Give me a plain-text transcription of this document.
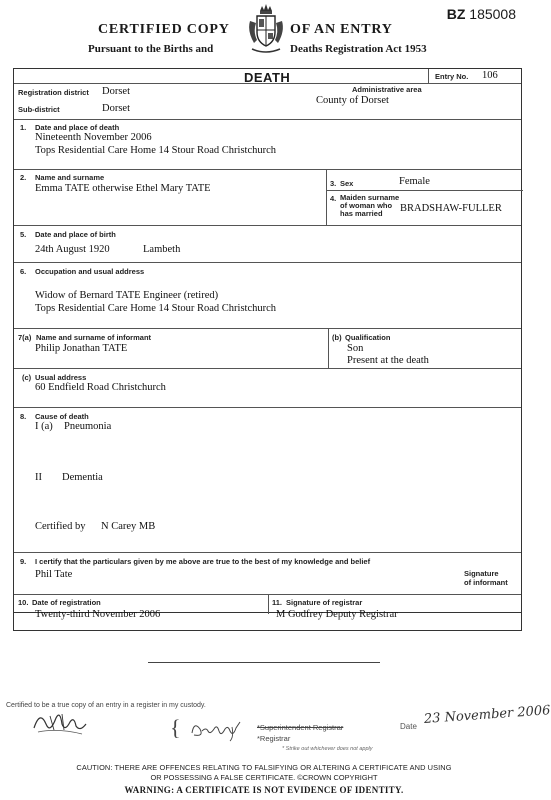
CERTIFIED COPY	OF AN ENTRY
Pursuant to the Births and	Deaths Registration Act 1953
BZ 185008
DEATH	Entry No. 106
Registration district Dorset	Administrative area
County of Dorset
Sub-district	Dorset
1. Date and place of death
Nineteenth November 2006
Tops Residential Care Home 14 Stour Road Christchurch
2. Name and surname
Emma TATE otherwise Ethel Mary TATE	3. Sex	Female
4. Maiden surname
of woman who
has married	BRADSHAW-FULLER
5. Date and place of birth
24th August 1920	Lambeth
6. Occupation and usual address
Widow of Bernard TATE Engineer (retired)
Tops Residential Care Home 14 Stour Road Christchurch
7(a) Name and surname of informant
Philip Jonathan TATE
(b) Qualification
Son
Present at the death
(c) Usual address
60 Endfield Road Christchurch
8. Cause of death
I (a) Pneumonia
II Dementia
Certified by N Carey MB
9. I certify that the particulars given by me above are true to the best of my knowledge and belief
Phil Tate	Signature
of informant
10. Date of registration
Twenty-third November 2006
11. Signature of registrar
M Godfrey Deputy Registrar
Certified to be a true copy of an entry in a register in my custody.
{	*Superintendent Registrar
*Registrar
* Strike out whichever does not apply
Date 23 November 2006
CAUTION: THERE ARE OFFENCES RELATING TO FALSIFYING OR ALTERING A CERTIFICATE AND USING
OR POSSESSING A FALSE CERTIFICATE. ©CROWN COPYRIGHT
WARNING: A CERTIFICATE IS NOT EVIDENCE OF IDENTITY.
